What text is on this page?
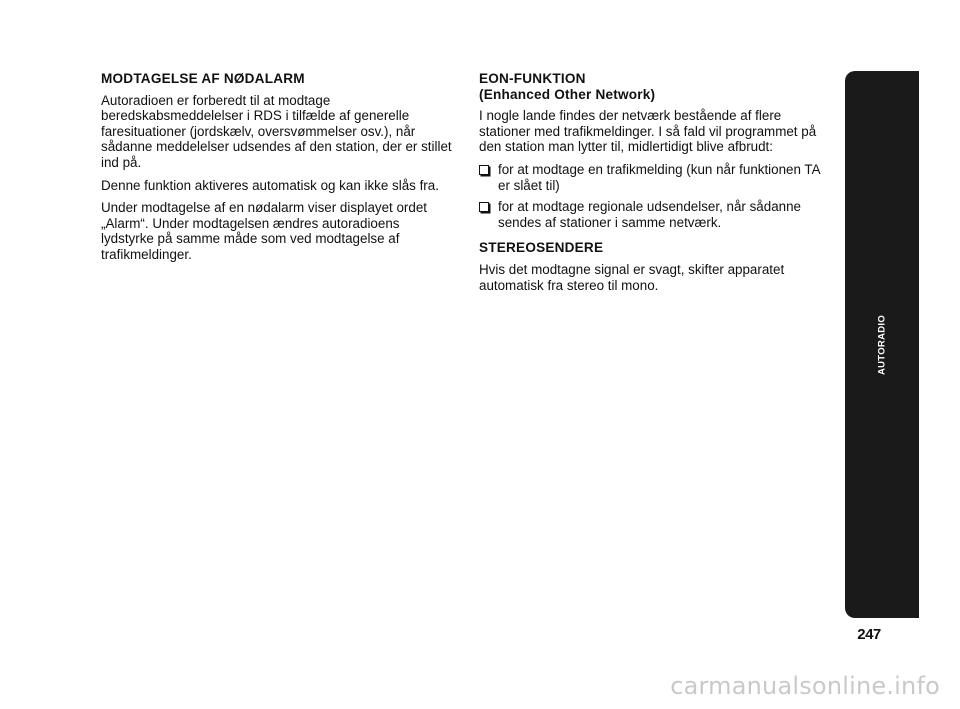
MODTAGELSE AF NØDALARM

Autoradioen er forberedt til at modtage beredskabsmeddelelser i RDS i tilfælde af generelle faresituationer (jordskælv, oversvømmelser osv.), når sådanne meddelelser udsendes af den station, der er stillet ind på.

Denne funktion aktiveres automatisk og kan ikke slås fra.

Under modtagelse af en nødalarm viser displayet ordet „Alarm“. Under modtagelsen ændres autoradioens lydstyrke på samme måde som ved modtagelse af trafikmeldinger.

EON-FUNKTION
(Enhanced Other Network)

I nogle lande findes der netværk bestående af flere stationer med trafikmeldinger. I så fald vil programmet på den station man lytter til, midlertidigt blive afbrudt:

for at modtage en trafikmelding (kun når funktionen TA er slået til)
for at modtage regionale udsendelser, når sådanne sendes af stationer i samme netværk.
STEREOSENDERE

Hvis det modtagne signal er svagt, skifter apparatet automatisk fra stereo til mono.

AUTORADIO
247
carmanualsonline.info
